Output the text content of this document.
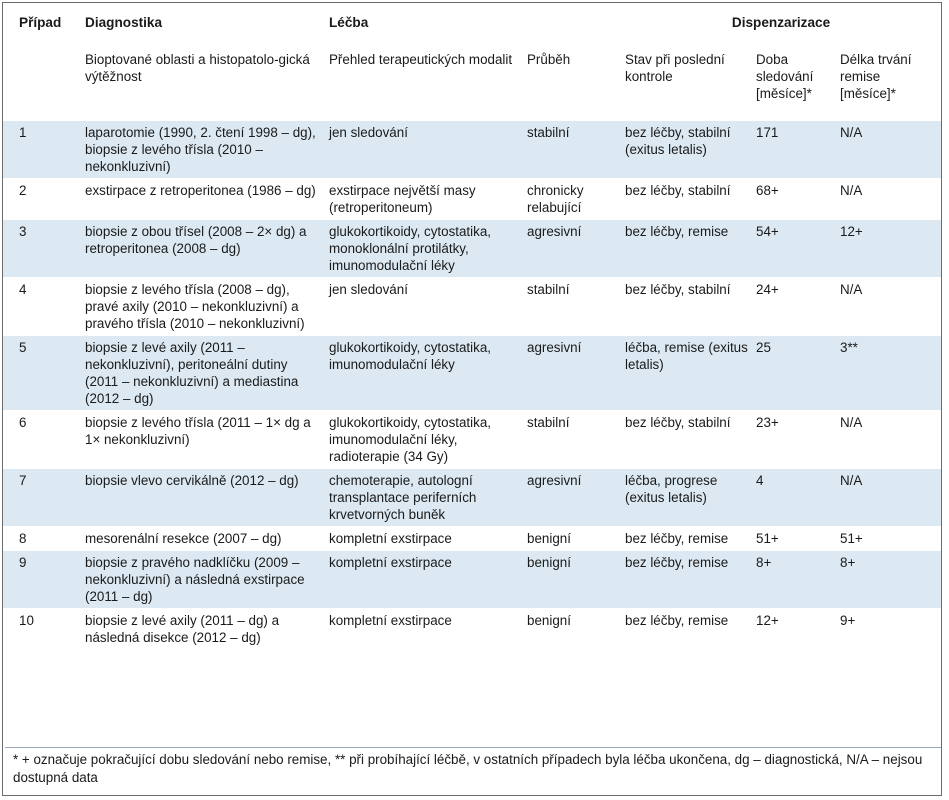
Případ	Diagnostika	Léčba		Dispenzarizace		
	Bioptované oblasti a histopatolo-gická výtěžnost	Přehled terapeutických modalit	Průběh	Stav při poslední kontrole	Doba sledování [měsíce]*	Délka trvání remise [měsíce]*
1	laparotomie (1990, 2. čtení 1998 – dg), biopsie z levého třísla (2010 – nekonkluzivní)	jen sledování	stabilní	bez léčby, stabilní (exitus letalis)	171	N/A
2	exstirpace z retroperitonea (1986 – dg)	exstirpace největší masy (retroperitoneum)	chronicky relabující	bez léčby, stabilní	68+	N/A
3	biopsie z obou třísel (2008 – 2× dg) a retroperitonea (2008 – dg)	glukokortikoidy, cytostatika, monoklonální protilátky, imunomodulační léky	agresivní	bez léčby, remise	54+	12+
4	biopsie z levého třísla (2008 – dg), pravé axily (2010 – nekonkluzivní) a pravého třísla (2010 – nekonkluzivní)	jen sledování	stabilní	bez léčby, stabilní	24+	N/A
5	biopsie z levé axily (2011 – nekonkluzivní), peritoneální dutiny (2011 – nekonkluzivní) a mediastina (2012 – dg)	glukokortikoidy, cytostatika, imunomodulační léky	agresivní	léčba, remise (exitus letalis)	25	3**
6	biopsie z levého třísla (2011 – 1× dg a 1× nekonkluzivní)	glukokortikoidy, cytostatika, imunomodulační léky, radioterapie (34 Gy)	stabilní	bez léčby, stabilní	23+	N/A
7	biopsie vlevo cervikálně (2012 – dg)	chemoterapie, autologní transplantace periferních krvetvorných buněk	agresivní	léčba, progrese (exitus letalis)	4	N/A
8	mesorenální resekce (2007 – dg)	kompletní exstirpace	benigní	bez léčby, remise	51+	51+
9	biopsie z pravého nadklíčku (2009 – nekonkluzivní) a následná exstirpace (2011 – dg)	kompletní exstirpace	benigní	bez léčby, remise	8+	8+
10	biopsie z levé axily (2011 – dg) a následná disekce (2012 – dg)	kompletní exstirpace	benigní	bez léčby, remise	12+	9+
* + označuje pokračující dobu sledování nebo remise, ** při probíhající léčbě, v ostatních případech byla léčba ukončena, dg – diagnostická, N/A – nejsou dostupná data
